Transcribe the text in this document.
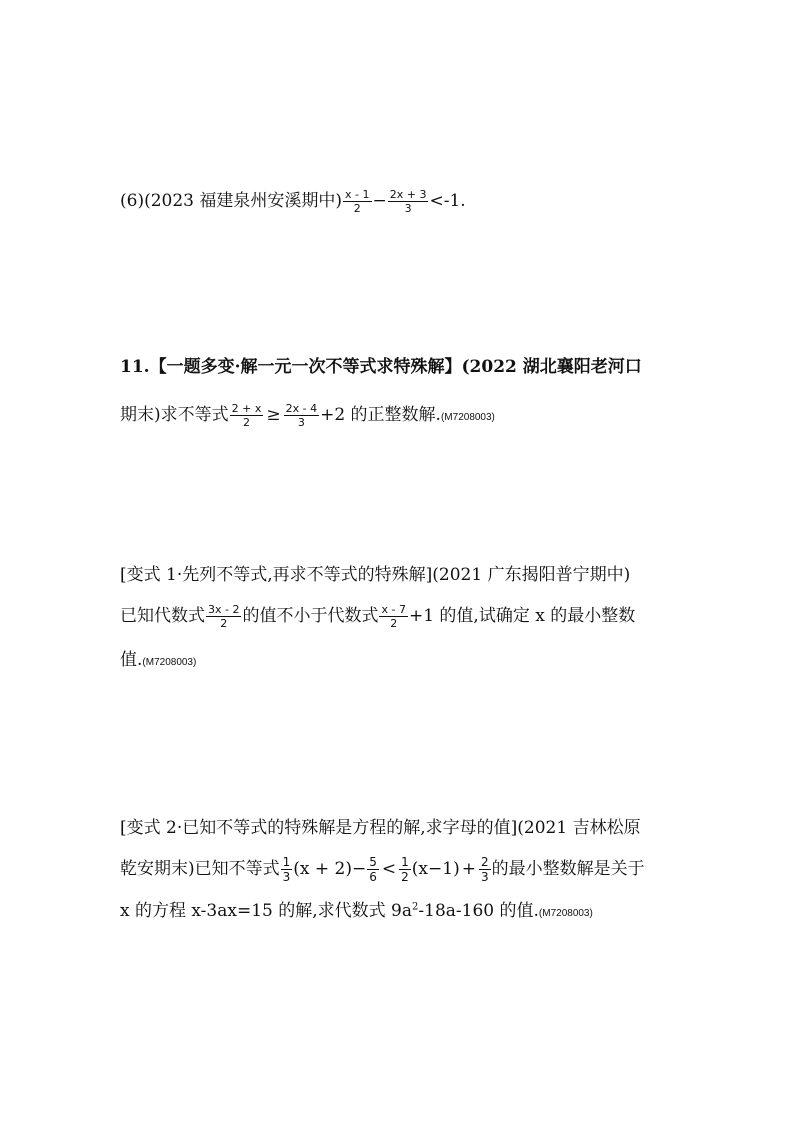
(6)(2023 福建泉州安溪期中) $\frac{x - 1}{2} - \frac{2x + 3}{3} <-1$.
11.【一题多变·解一元一次不等式求特殊解】(2022 湖北襄阳老河口
期末)求不等式 $\frac{2 + x}{2} \ge \frac{2x - 4}{3} +2$ 的正整数解.(M7208003)
[变式 1·先列不等式,再求不等式的特殊解](2021 广东揭阳普宁期中)
已知代数式 $\frac{3x - 2}{2}$ 的值不小于代数式 $\frac{x - 7}{2} +1$ 的值,试确定 x 的最小整数
值.(M7208003)
[变式 2·已知不等式的特殊解是方程的解,求字母的值](2021 吉林松原
乾安期末)已知不等式 $\frac{1}{3} (x + 2)- \frac{5}{6} < \frac{1}{2} (x-1) + \frac{2}{3}$ 的最小整数解是关于
x 的方程 x-3ax=15 的解,求代数式 $9a^2-18a-160$ 的值.(M7208003)
